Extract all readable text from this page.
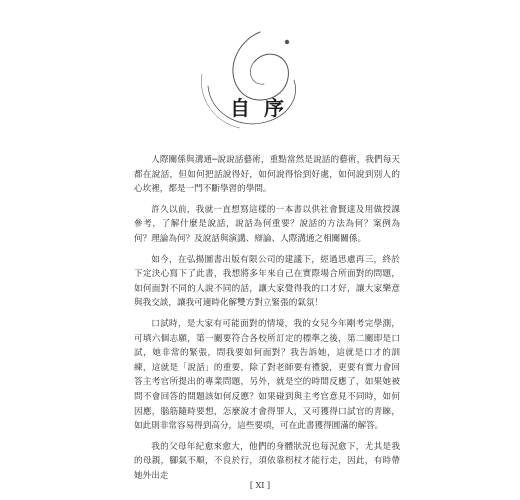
自序

人際關係與溝通─說說話藝術，重點當然是說話的藝術，我們每天都在說話，但如何把話說得好，如何說得恰到好處，如何說到別人的心坎裡，都是一門不斷學習的學問。

許久以前，我就一直想寫這樣的一本書以供社會賢達及用做授課參考，了解什麼是說話，說話為何重要？說話的方法為何？案例為何？理論為何？及說話與演講、辯論、人際溝通之相關關係。

如今，在弘揚圖書出版有限公司的建議下，經過思慮再三，終於下定決心寫下了此書，我想將多年來自己在實際場合所面對的問題，如何面對不同的人說不同的話，讓大家覺得我的口才好，讓大家樂意與我交談，讓我可適時化解雙方對立緊張的氣氛！

口試時，是大家有可能面對的情境，我的女兒今年剛考完學測，可填六個志願，第一關要符合各校所訂定的標準之後，第二關即是口試，她非常的緊張，問我要如何面對？我告訴她，這就是口才的訓練，這就是「說話」的重要，除了對老師要有禮貌，更要有實力會回答主考官所提出的專業問題，另外，就是空的時間反應了，如果她被問不會回答的問題該如何反應？如果碰到與主考官意見不同時，如何因應，腦筋隨時要想，怎麼說才會得罪人，又可獲得口試官的青睞，如此則非常容易得到高分，這些要項，可在此書獲得圓滿的解答。

我的父母年紀愈來愈大，他們的身體狀況也每況愈下，尤其是我的母親，腳氣不順，不良於行，須依靠枴杖才能行走，因此，有時帶她外出走

[ XI ]
